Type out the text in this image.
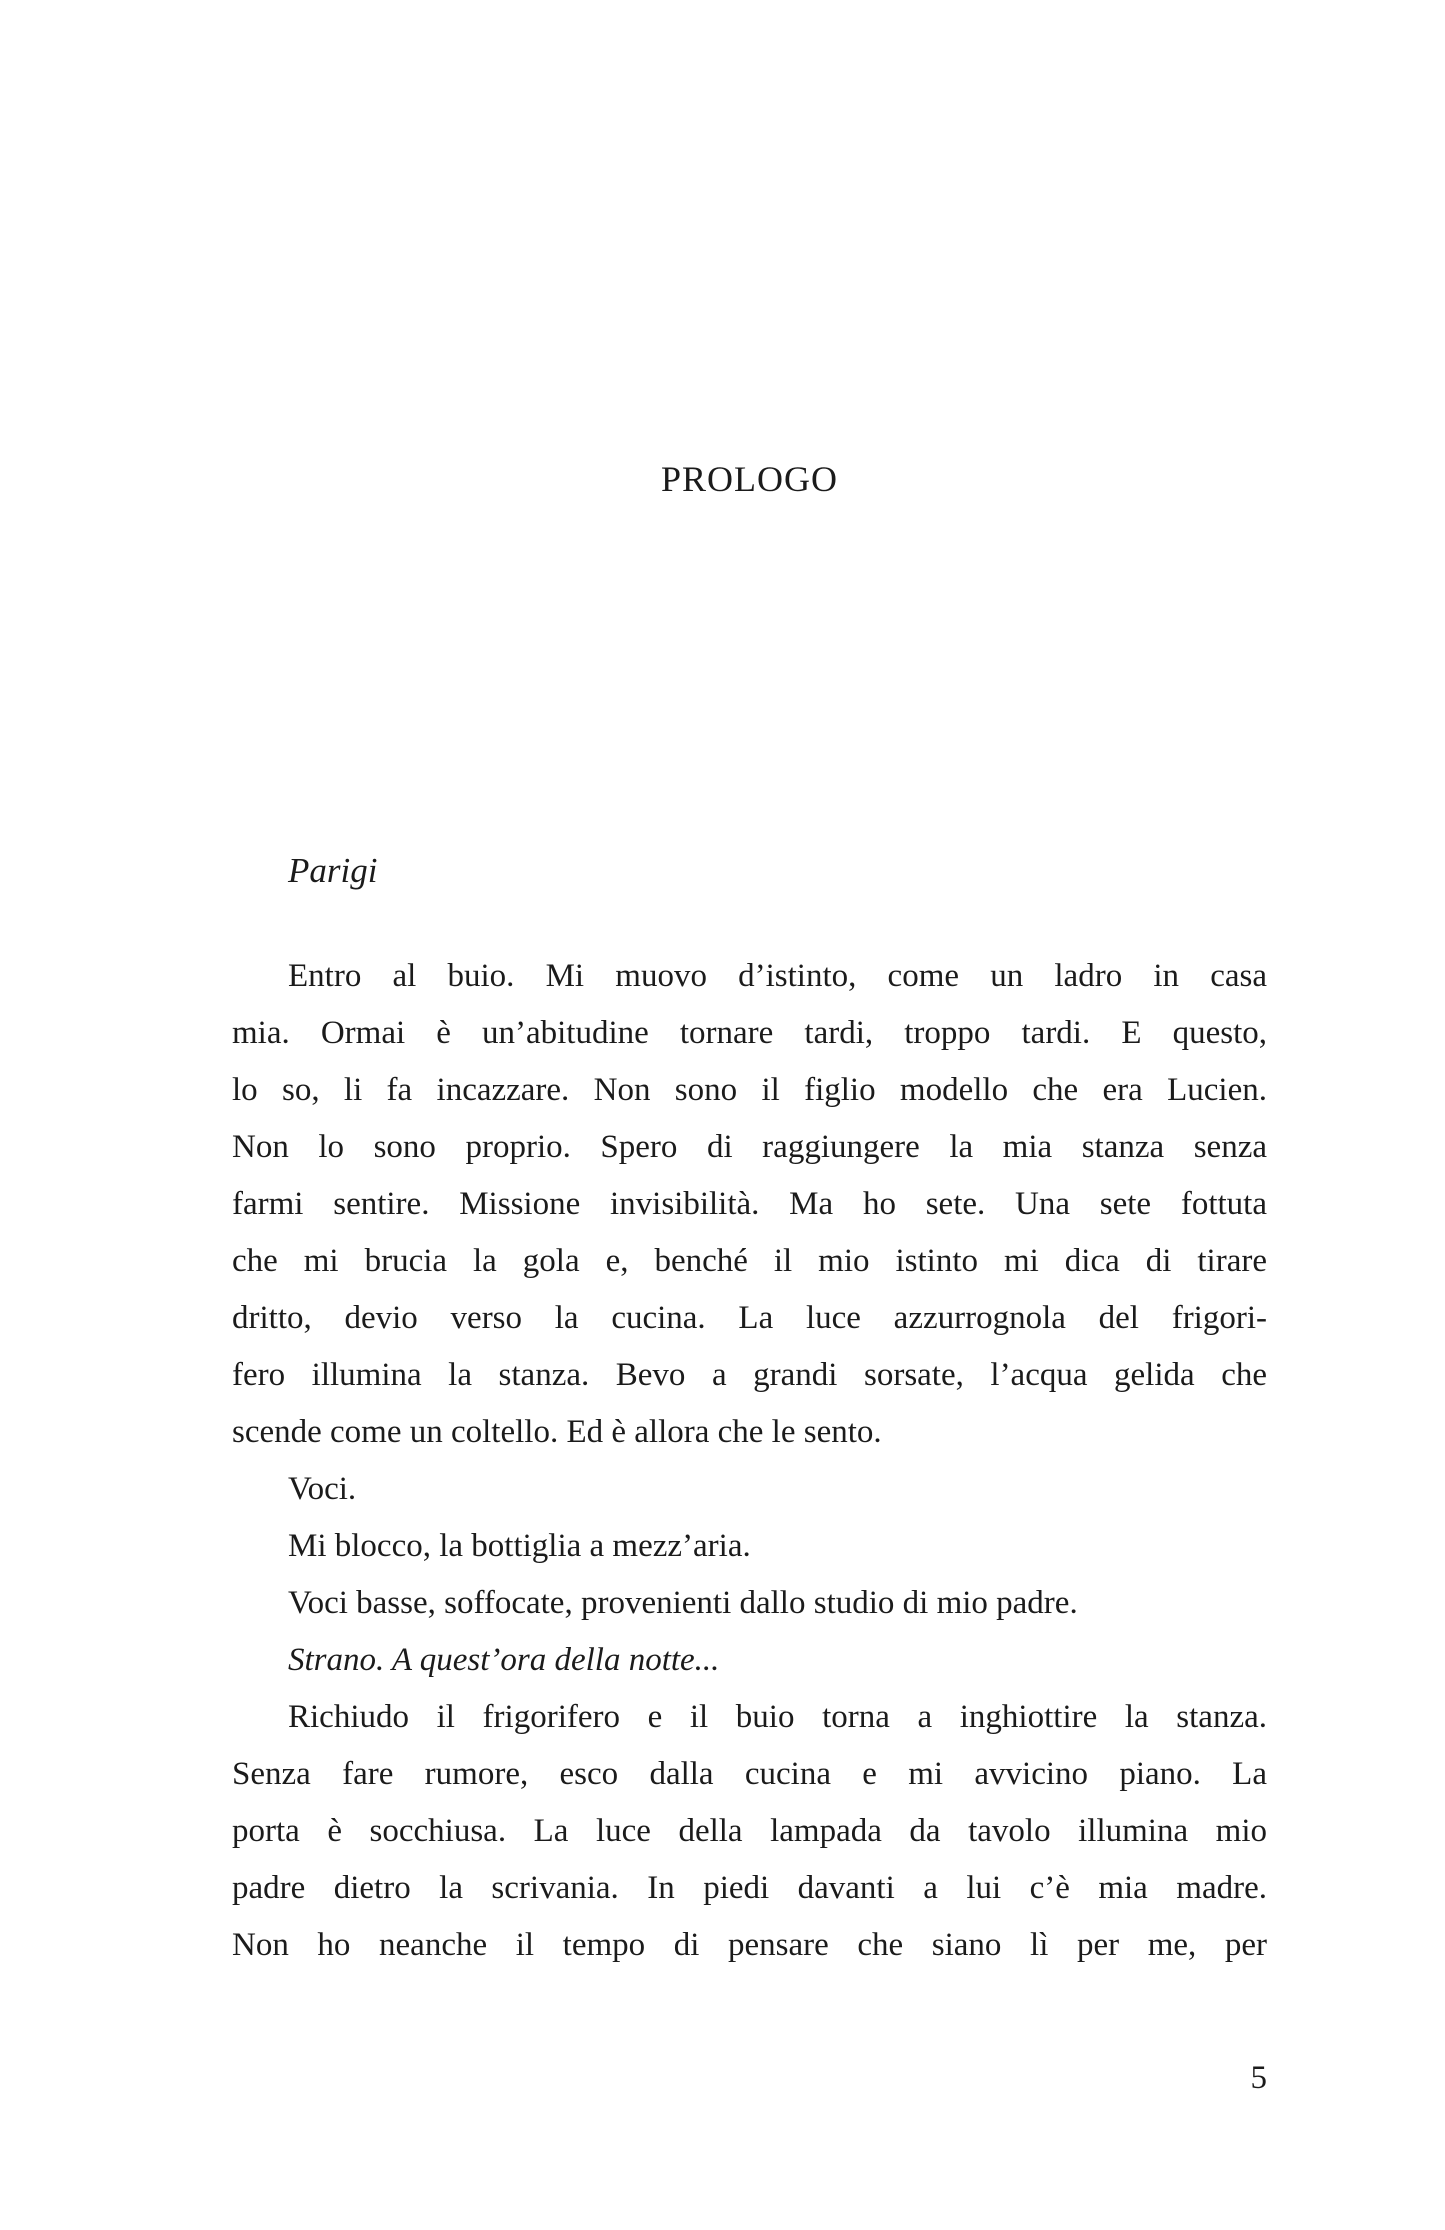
PROLOGO
Parigi
Entro al buio. Mi muovo d’istinto, come un ladro in casa
mia. Ormai è un’abitudine tornare tardi, troppo tardi. E questo,
lo so, li fa incazzare. Non sono il figlio modello che era Lucien.
Non lo sono proprio. Spero di raggiungere la mia stanza senza
farmi sentire. Missione invisibilità. Ma ho sete. Una sete fottuta
che mi brucia la gola e, benché il mio istinto mi dica di tirare
dritto, devio verso la cucina. La luce azzurrognola del frigori-
fero illumina la stanza. Bevo a grandi sorsate, l’acqua gelida che
scende come un coltello. Ed è allora che le sento.
Voci.
Mi blocco, la bottiglia a mezz’aria.
Voci basse, soffocate, provenienti dallo studio di mio padre.
Strano. A quest’ora della notte...
Richiudo il frigorifero e il buio torna a inghiottire la stanza.
Senza fare rumore, esco dalla cucina e mi avvicino piano. La
porta è socchiusa. La luce della lampada da tavolo illumina mio
padre dietro la scrivania. In piedi davanti a lui c’è mia madre.
Non ho neanche il tempo di pensare che siano lì per me, per
5
